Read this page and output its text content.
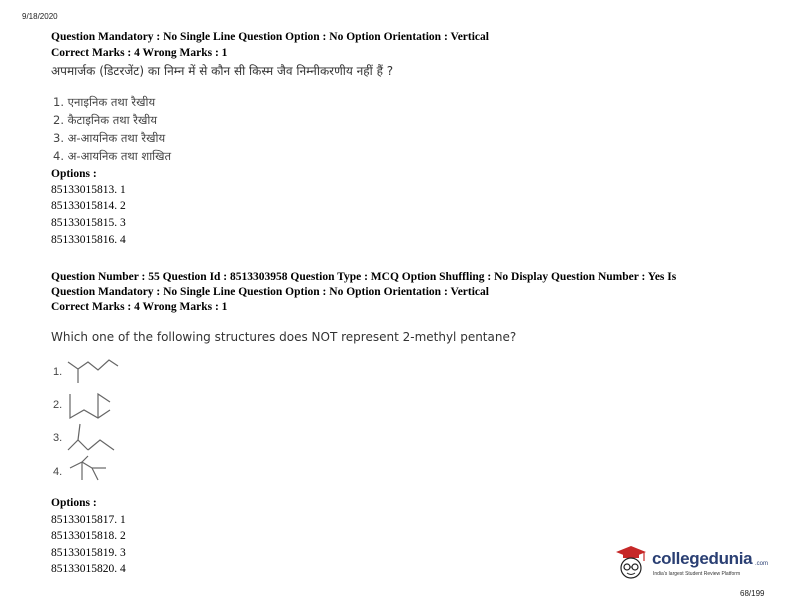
9/18/2020
Question Mandatory : No Single Line Question Option : No Option Orientation : Vertical
Correct Marks : 4 Wrong Marks : 1
अपमार्जक (डिटरजेंट) का निम्न में से कौन सी किस्म जैव निम्नीकरणीय नहीं हैं ?
1. एनाइनिक तथा रैखीय
2. कैटाइनिक तथा रैखीय
3. अ-आयनिक तथा रैखीय
4. अ-आयनिक तथा शाखित
Options :
85133015813. 1
85133015814. 2
85133015815. 3
85133015816. 4
Question Number : 55 Question Id : 8513303958 Question Type : MCQ Option Shuffling : No Display Question Number : Yes Is
Question Mandatory : No Single Line Question Option : No Option Orientation : Vertical
Correct Marks : 4 Wrong Marks : 1
Which one of the following structures does NOT represent 2-methyl pentane?
1.
2.
3.
4.
Options :
85133015817. 1
85133015818. 2
85133015819. 3
85133015820. 4
collegedunia .com
India's largest Student Review Platform
68/199
